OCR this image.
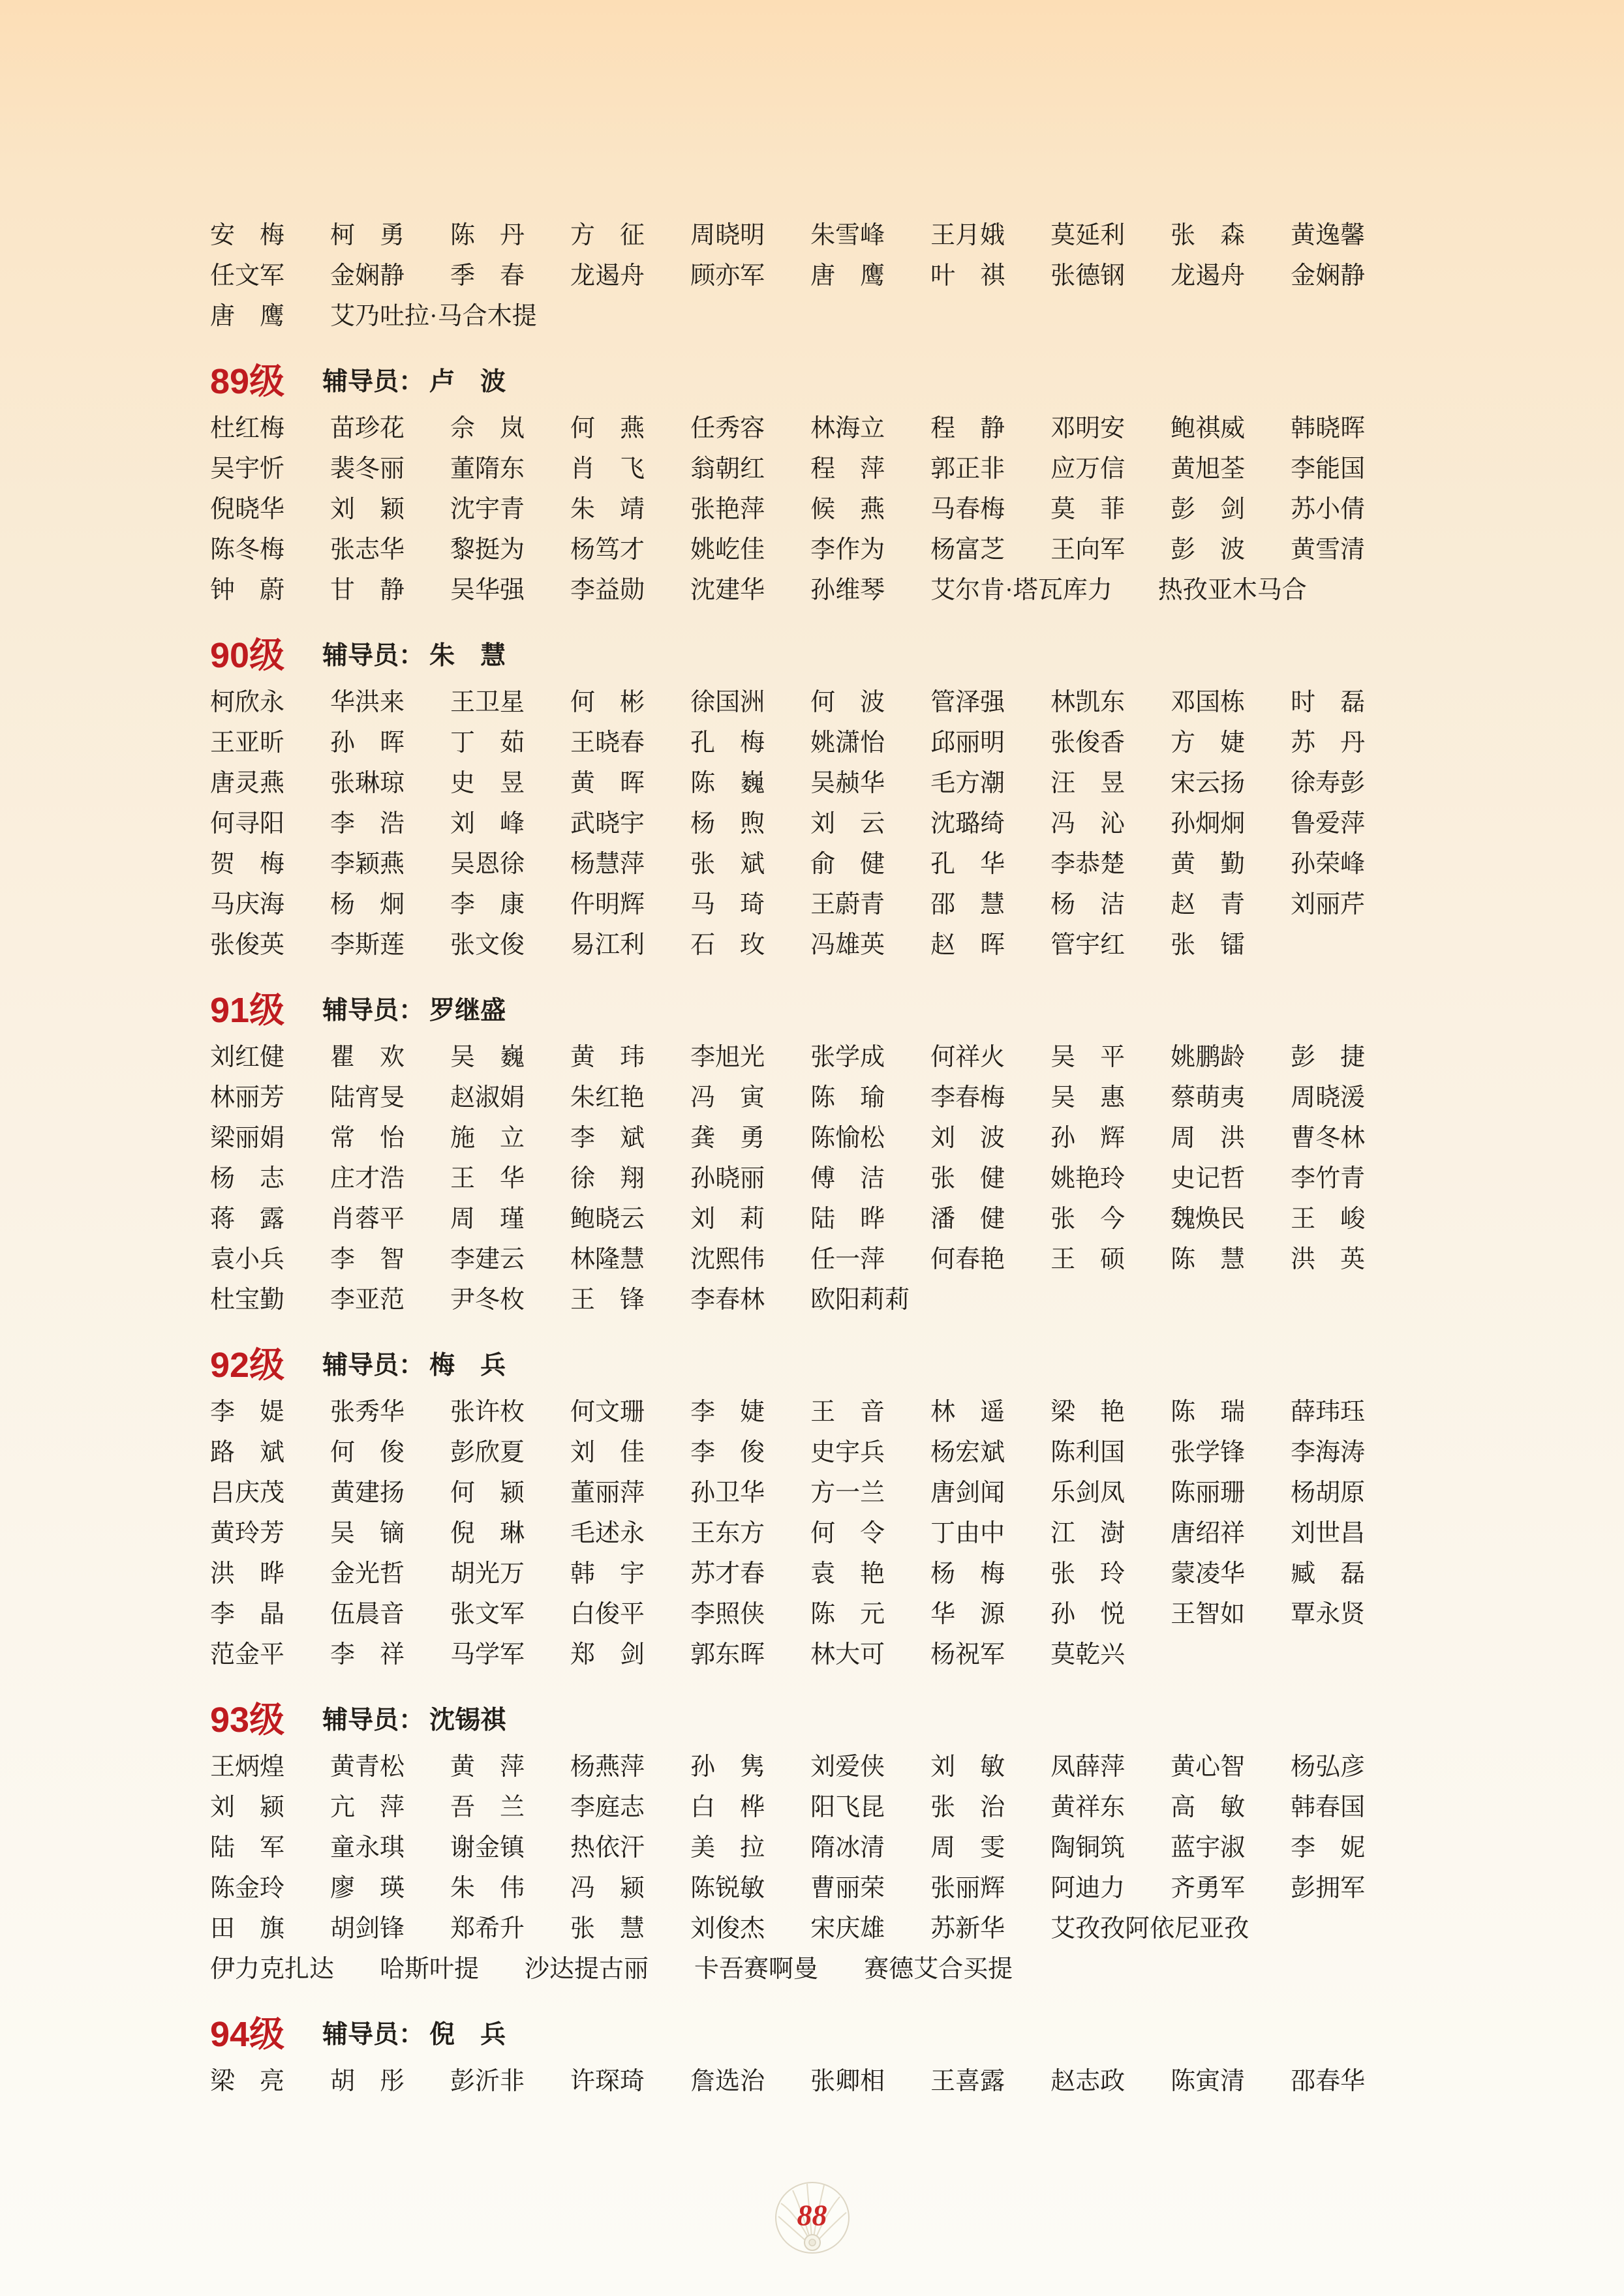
安　梅 柯　勇 陈　丹 方　征 周晓明 朱雪峰 王月娥 莫延利 张　森 黄逸馨
任文军 金娴静 季　春 龙遏舟 顾亦军 唐　鹰 叶　祺 张德钢 龙遏舟 金娴静
唐　鹰 艾乃吐拉·马合木提
89级 辅导员： 卢　波
杜红梅 苗珍花 佘　岚 何　燕 任秀容 林海立 程　静 邓明安 鲍祺威 韩晓晖
吴宇忻 裴冬丽 董隋东 肖　飞 翁朝红 程　萍 郭正非 应万信 黄旭荃 李能国
倪晓华 刘　颖 沈宇青 朱　靖 张艳萍 候　燕 马春梅 莫　菲 彭　剑 苏小倩
陈冬梅 张志华 黎挺为 杨笃才 姚屹佳 李作为 杨富芝 王向军 彭　波 黄雪清
钟　蔚 甘　静 吴华强 李益勋 沈建华 孙维琴 艾尔肯·塔瓦库力 热孜亚木马合
90级 辅导员： 朱　慧
柯欣永 华洪来 王卫星 何　彬 徐国洲 何　波 管泽强 林凯东 邓国栋 时　磊
王亚昕 孙　晖 丁　茹 王晓春 孔　梅 姚潇怡 邱丽明 张俊香 方　婕 苏　丹
唐灵燕 张琳琼 史　昱 黄　晖 陈　巍 吴赪华 毛方潮 汪　昱 宋云扬 徐寿彭
何寻阳 李　浩 刘　峰 武晓宇 杨　煦 刘　云 沈璐绮 冯　沁 孙炯炯 鲁爱萍
贺　梅 李颖燕 吴恩徐 杨慧萍 张　斌 俞　健 孔　华 李恭楚 黄　勤 孙荣峰
马庆海 杨　炯 李　康 仵明辉 马　琦 王蔚青 邵　慧 杨　洁 赵　青 刘丽芹
张俊英 李斯莲 张文俊 易江利 石　玫 冯雄英 赵　晖 管宇红 张　镭
91级 辅导员： 罗继盛
刘红健 瞿　欢 吴　巍 黄　玮 李旭光 张学成 何祥火 吴　平 姚鹏龄 彭　捷
林丽芳 陆宵旻 赵淑娟 朱红艳 冯　寅 陈　瑜 李春梅 吴　惠 蔡萌夷 周晓湲
梁丽娟 常　怡 施　立 李　斌 龚　勇 陈愉松 刘　波 孙　辉 周　洪 曹冬林
杨　志 庄才浩 王　华 徐　翔 孙晓丽 傅　洁 张　健 姚艳玲 史记哲 李竹青
蒋　露 肖蓉平 周　瑾 鲍晓云 刘　莉 陆　晔 潘　健 张　今 魏焕民 王　峻
袁小兵 李　智 李建云 林隆慧 沈熙伟 任一萍 何春艳 王　硕 陈　慧 洪　英
杜宝勤 李亚范 尹冬枚 王　锋 李春林 欧阳莉莉
92级 辅导员： 梅　兵
李　媞 张秀华 张许枚 何文珊 李　婕 王　音 林　遥 梁　艳 陈　瑞 薛玮珏
路　斌 何　俊 彭欣夏 刘　佳 李　俊 史宇兵 杨宏斌 陈利国 张学锋 李海涛
吕庆茂 黄建扬 何　颍 董丽萍 孙卫华 方一兰 唐剑闻 乐剑凤 陈丽珊 杨胡原
黄玲芳 吴　镝 倪　琳 毛述永 王东方 何　令 丁由中 江　澍 唐绍祥 刘世昌
洪　晔 金光哲 胡光万 韩　宇 苏才春 袁　艳 杨　梅 张　玲 蒙凌华 臧　磊
李　晶 伍晨音 张文军 白俊平 李照侠 陈　元 华　源 孙　悦 王智如 覃永贤
范金平 李　祥 马学军 郑　剑 郭东晖 林大可 杨祝军 莫乾兴
93级 辅导员： 沈锡祺
王炳煌 黄青松 黄　萍 杨燕萍 孙　隽 刘爱侠 刘　敏 凤薛萍 黄心智 杨弘彦
刘　颍 亢　萍 吾　兰 李庭志 白　桦 阳飞昆 张　治 黄祥东 高　敏 韩春国
陆　军 童永琪 谢金镇 热依汗 美　拉 隋冰清 周　雯 陶铜筑 蓝宇淑 李　妮
陈金玲 廖　瑛 朱　伟 冯　颍 陈锐敏 曹丽荣 张丽辉 阿迪力 齐勇军 彭拥军
田　旗 胡剑锋 郑希升 张　慧 刘俊杰 宋庆雄 苏新华 艾孜孜阿依尼亚孜
伊力克扎达 哈斯叶提 沙达提古丽 卡吾赛啊曼 赛德艾合买提
94级 辅导员： 倪　兵
梁　亮 胡　彤 彭沂非 许琛琦 詹选治 张卿相 王喜露 赵志政 陈寅清 邵春华
88
